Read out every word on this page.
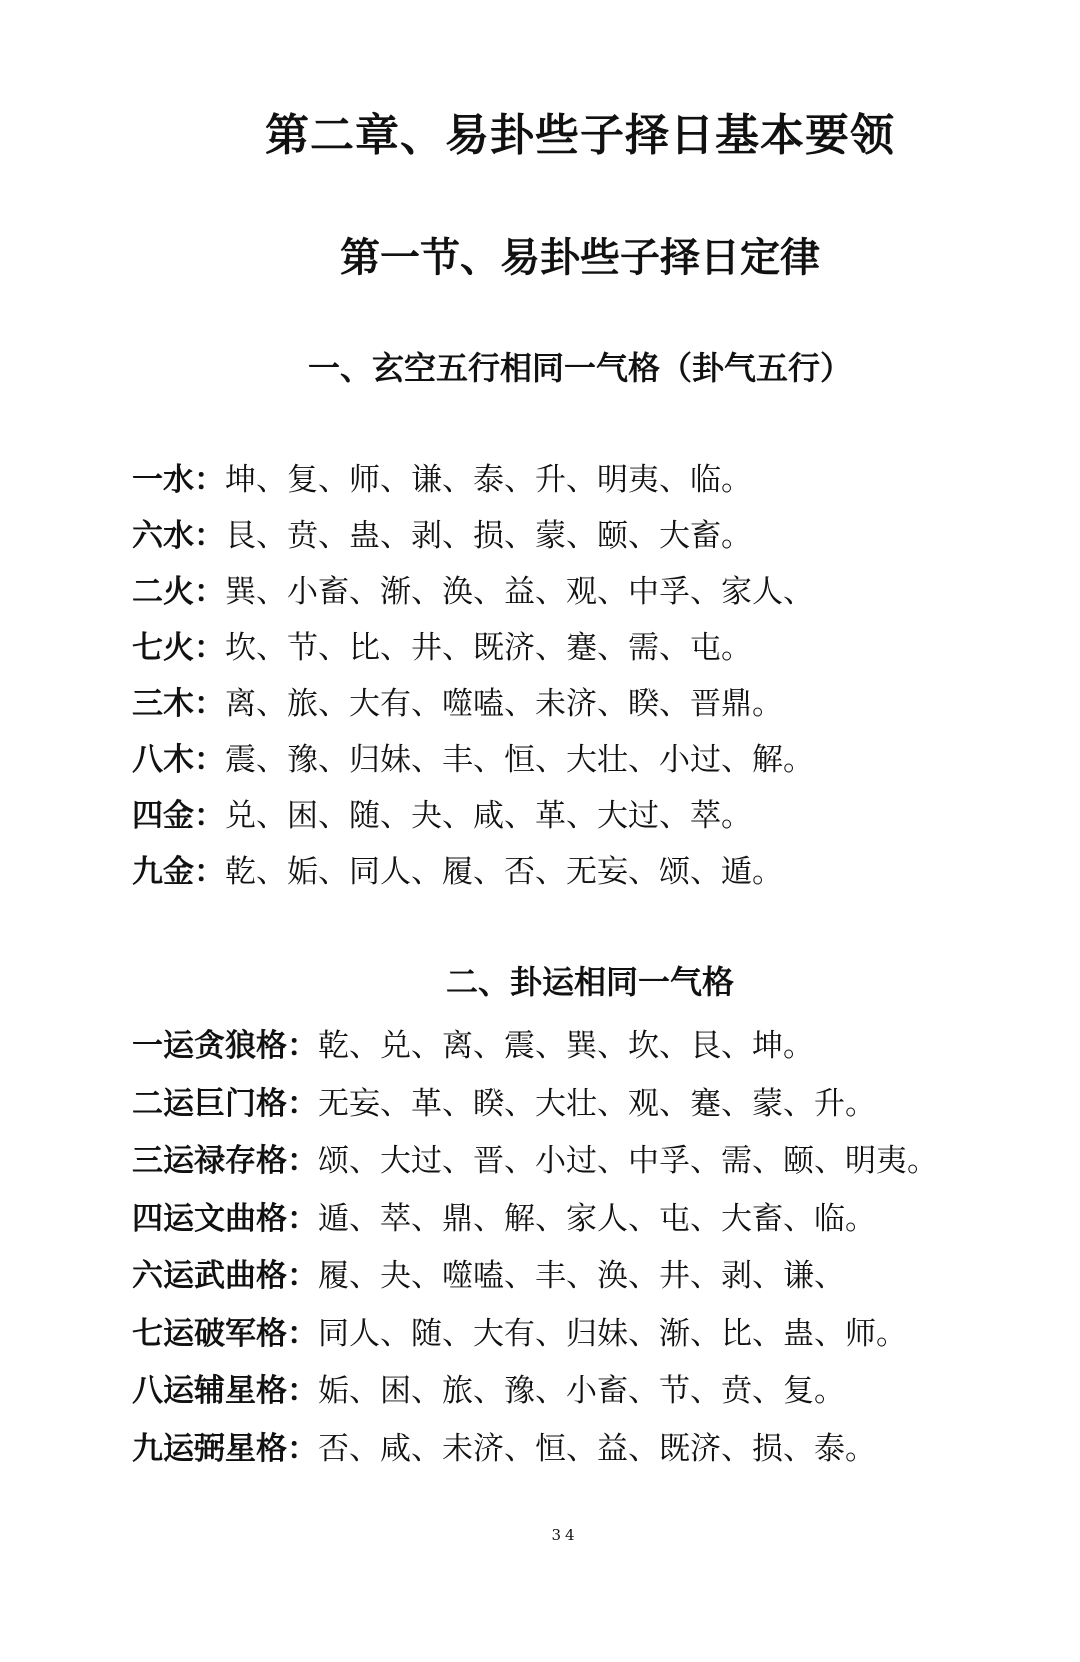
第二章、易卦些子择日基本要领
第一节、易卦些子择日定律
一、玄空五行相同一气格（卦气五行）
一水：坤、复、师、谦、泰、升、明夷、临。
六水：艮、贲、蛊、剥、损、蒙、颐、大畜。
二火：巽、小畜、渐、涣、益、观、中孚、家人、
七火：坎、节、比、井、既济、蹇、需、屯。
三木：离、旅、大有、噬嗑、未济、睽、晋鼎。
八木：震、豫、归妹、丰、恒、大壮、小过、解。
四金：兑、困、随、夬、咸、革、大过、萃。
九金：乾、姤、同人、履、否、无妄、颂、遁。
二、卦运相同一气格
一运贪狼格：乾、兑、离、震、巽、坎、艮、坤。
二运巨门格：无妄、革、睽、大壮、观、蹇、蒙、升。
三运禄存格：颂、大过、晋、小过、中孚、需、颐、明夷。
四运文曲格：遁、萃、鼎、解、家人、屯、大畜、临。
六运武曲格：履、夬、噬嗑、丰、涣、井、剥、谦、
七运破军格：同人、随、大有、归妹、渐、比、蛊、师。
八运辅星格：姤、困、旅、豫、小畜、节、贲、复。
九运弼星格：否、咸、未济、恒、益、既济、损、泰。
34
